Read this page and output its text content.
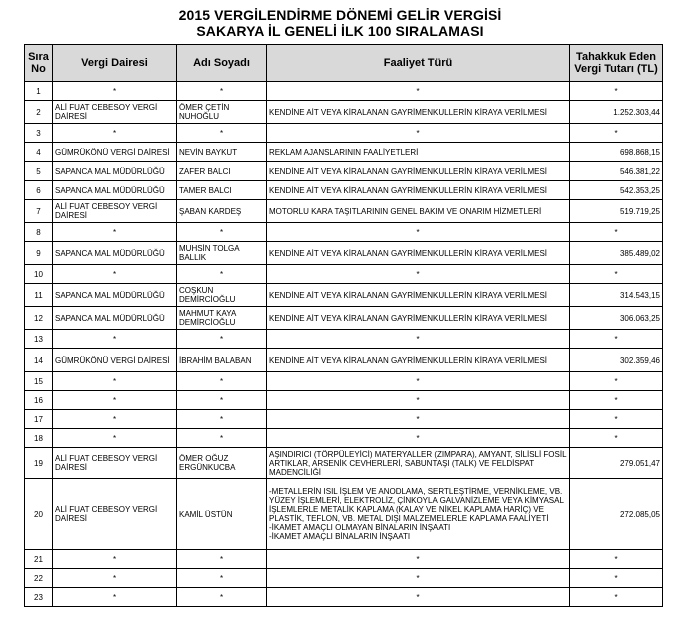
2015 VERGİLENDİRME DÖNEMİ GELİR VERGİSİ
SAKARYA İL GENELİ İLK 100 SIRALAMASI
Sıra No	Vergi Dairesi	Adı Soyadı	Faaliyet Türü	Tahakkuk Eden Vergi Tutarı (TL)
1	*	*	*	*
2	ALİ FUAT CEBESOY VERGİ DAİRESİ	ÖMER ÇETİN NUHOĞLU	KENDİNE AİT VEYA KİRALANAN GAYRİMENKULLERİN KİRAYA VERİLMESİ	1.252.303,44
3	*	*	*	*
4	GÜMRÜKÖNÜ VERGİ DAİRESİ	NEVİN BAYKUT	REKLAM AJANSLARININ FAALİYETLERİ	698.868,15
5	SAPANCA MAL MÜDÜRLÜĞÜ	ZAFER BALCI	KENDİNE AİT VEYA KİRALANAN GAYRİMENKULLERİN KİRAYA VERİLMESİ	546.381,22
6	SAPANCA MAL MÜDÜRLÜĞÜ	TAMER BALCI	KENDİNE AİT VEYA KİRALANAN GAYRİMENKULLERİN KİRAYA VERİLMESİ	542.353,25
7	ALİ FUAT CEBESOY VERGİ DAİRESİ	ŞABAN KARDEŞ	MOTORLU KARA TAŞITLARININ GENEL BAKIM VE ONARIM HİZMETLERİ	519.719,25
8	*	*	*	*
9	SAPANCA MAL MÜDÜRLÜĞÜ	MUHSİN TOLGA BALLIK	KENDİNE AİT VEYA KİRALANAN GAYRİMENKULLERİN KİRAYA VERİLMESİ	385.489,02
10	*	*	*	*
11	SAPANCA MAL MÜDÜRLÜĞÜ	COŞKUN DEMİRCİOĞLU	KENDİNE AİT VEYA KİRALANAN GAYRİMENKULLERİN KİRAYA VERİLMESİ	314.543,15
12	SAPANCA MAL MÜDÜRLÜĞÜ	MAHMUT KAYA DEMİRCİOĞLU	KENDİNE AİT VEYA KİRALANAN GAYRİMENKULLERİN KİRAYA VERİLMESİ	306.063,25
13	*	*	*	*
14	GÜMRÜKÖNÜ VERGİ DAİRESİ	İBRAHİM BALABAN	KENDİNE AİT VEYA KİRALANAN GAYRİMENKULLERİN KİRAYA VERİLMESİ	302.359,46
15	*	*	*	*
16	*	*	*	*
17	*	*	*	*
18	*	*	*	*
19	ALİ FUAT CEBESOY VERGİ DAİRESİ	ÖMER OĞUZ ERGÜNKUCBA	AŞINDIRICI (TÖRPÜLEYİCİ) MATERYALLER (ZIMPARA), AMYANT, SİLİSLİ FOSİL ARTIKLAR, ARSENİK CEVHERLERİ, SABUNTAŞI (TALK) VE FELDİSPAT MADENCİLİĞİ	279.051,47
20	ALİ FUAT CEBESOY VERGİ DAİRESİ	KAMİL ÜSTÜN	-METALLERİN ISIL İŞLEM VE ANODLAMA, SERTLEŞTİRME, VERNİKLEME, VB. YÜZEY İŞLEMLERİ, ELEKTROLİZ, ÇİNKOYLA GALVANİZLEME VEYA KİMYASAL İŞLEMLERLE METALİK KAPLAMA (KALAY VE NİKEL KAPLAMA HARİÇ) VE PLASTİK, TEFLON, VB. METAL DIŞI MALZEMELERLE KAPLAMA FAALİYETİ
-İKAMET AMAÇLI OLMAYAN BİNALARIN İNŞAATI
-İKAMET AMAÇLI BİNALARIN İNŞAATI	272.085,05
21	*	*	*	*
22	*	*	*	*
23	*	*	*	*
